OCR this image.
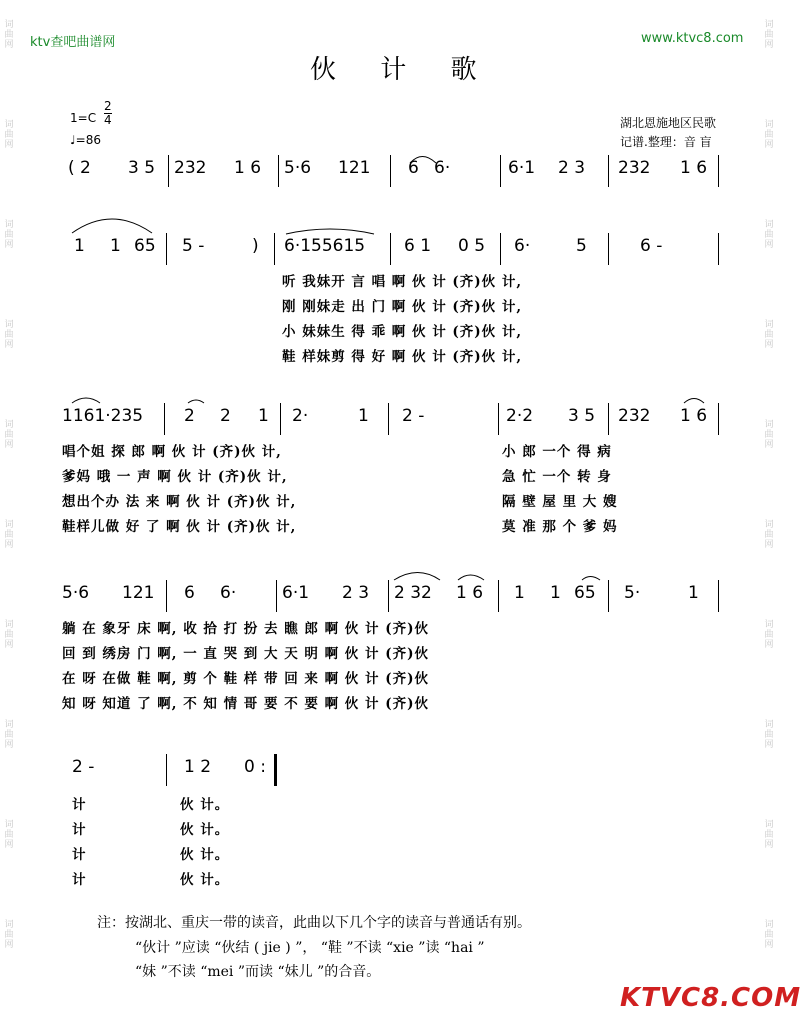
词
曲
网
词
曲
网
词
曲
网
词
曲
网
词
曲
网
词
曲
网
词
曲
网
词
曲
网
词
曲
网
词
曲
网
词
曲
网
词
曲
网
词
曲
网
词
曲
网
词
曲
网
词
曲
网
词
曲
网
词
曲
网
词
曲
网
词
曲
网
ktv查吧曲谱网	www.ktvc8.com
伙 计 歌
1=C
2
4
♩=86
湖北恩施地区民歌
记谱.整理：音 盲
( 2 3 5 232 1 6 5·6 121 6 6·	6·1 2 3 232 1 6
1 1 65 5 -	) 6·155615 6 1 0 5 6·	5	6 -
听 我妹开 言 唱 啊 伙 计 (齐)伙 计,
刚 刚妹走 出 门 啊 伙 计 (齐)伙 计,
小 妹妹生 得 乖 啊 伙 计 (齐)伙 计,
鞋 样妹剪 得 好 啊 伙 计 (齐)伙 计,
1161·235 2 2 1 2·	1 2 -	2·2 3 5 232 1 6
唱个姐 探 郎 啊 伙 计 (齐)伙 计,
爹妈 哦 一 声 啊 伙 计 (齐)伙 计,
想出个办 法 来 啊 伙 计 (齐)伙 计,
鞋样儿做 好 了 啊 伙 计 (齐)伙 计,
小 郎 一个 得 病
急 忙 一个 转 身
隔 壁 屋 里 大 嫂
莫 准 那 个 爹 妈
5·6 121 6 6·	6·1 2 3 2 32 1 6 1 1 65 5·	1
躺 在 象牙 床 啊, 收 拾 打 扮 去 瞧 郎 啊 伙 计 (齐)伙
回 到 绣房 门 啊, 一 直 哭 到 大 天 明 啊 伙 计 (齐)伙
在 呀 在做 鞋 啊, 剪 个 鞋 样 带 回 来 啊 伙 计 (齐)伙
知 呀 知道 了 啊, 不 知 情 哥 要 不 要 啊 伙 计 (齐)伙
2 -	1 2 0 :
计
计
计
计
伙 计。
伙 计。
伙 计。
伙 计。
注：按湖北、重庆一带的读音，此曲以下几个字的读音与普通话有别。
“伙计 ”应读 “伙结 ( jie ) ”， “鞋 ”不读 “xie ”读 “hai ”
“妹 ”不读 “mei ”而读 “妹儿 ”的合音。
KTVC8.COM
